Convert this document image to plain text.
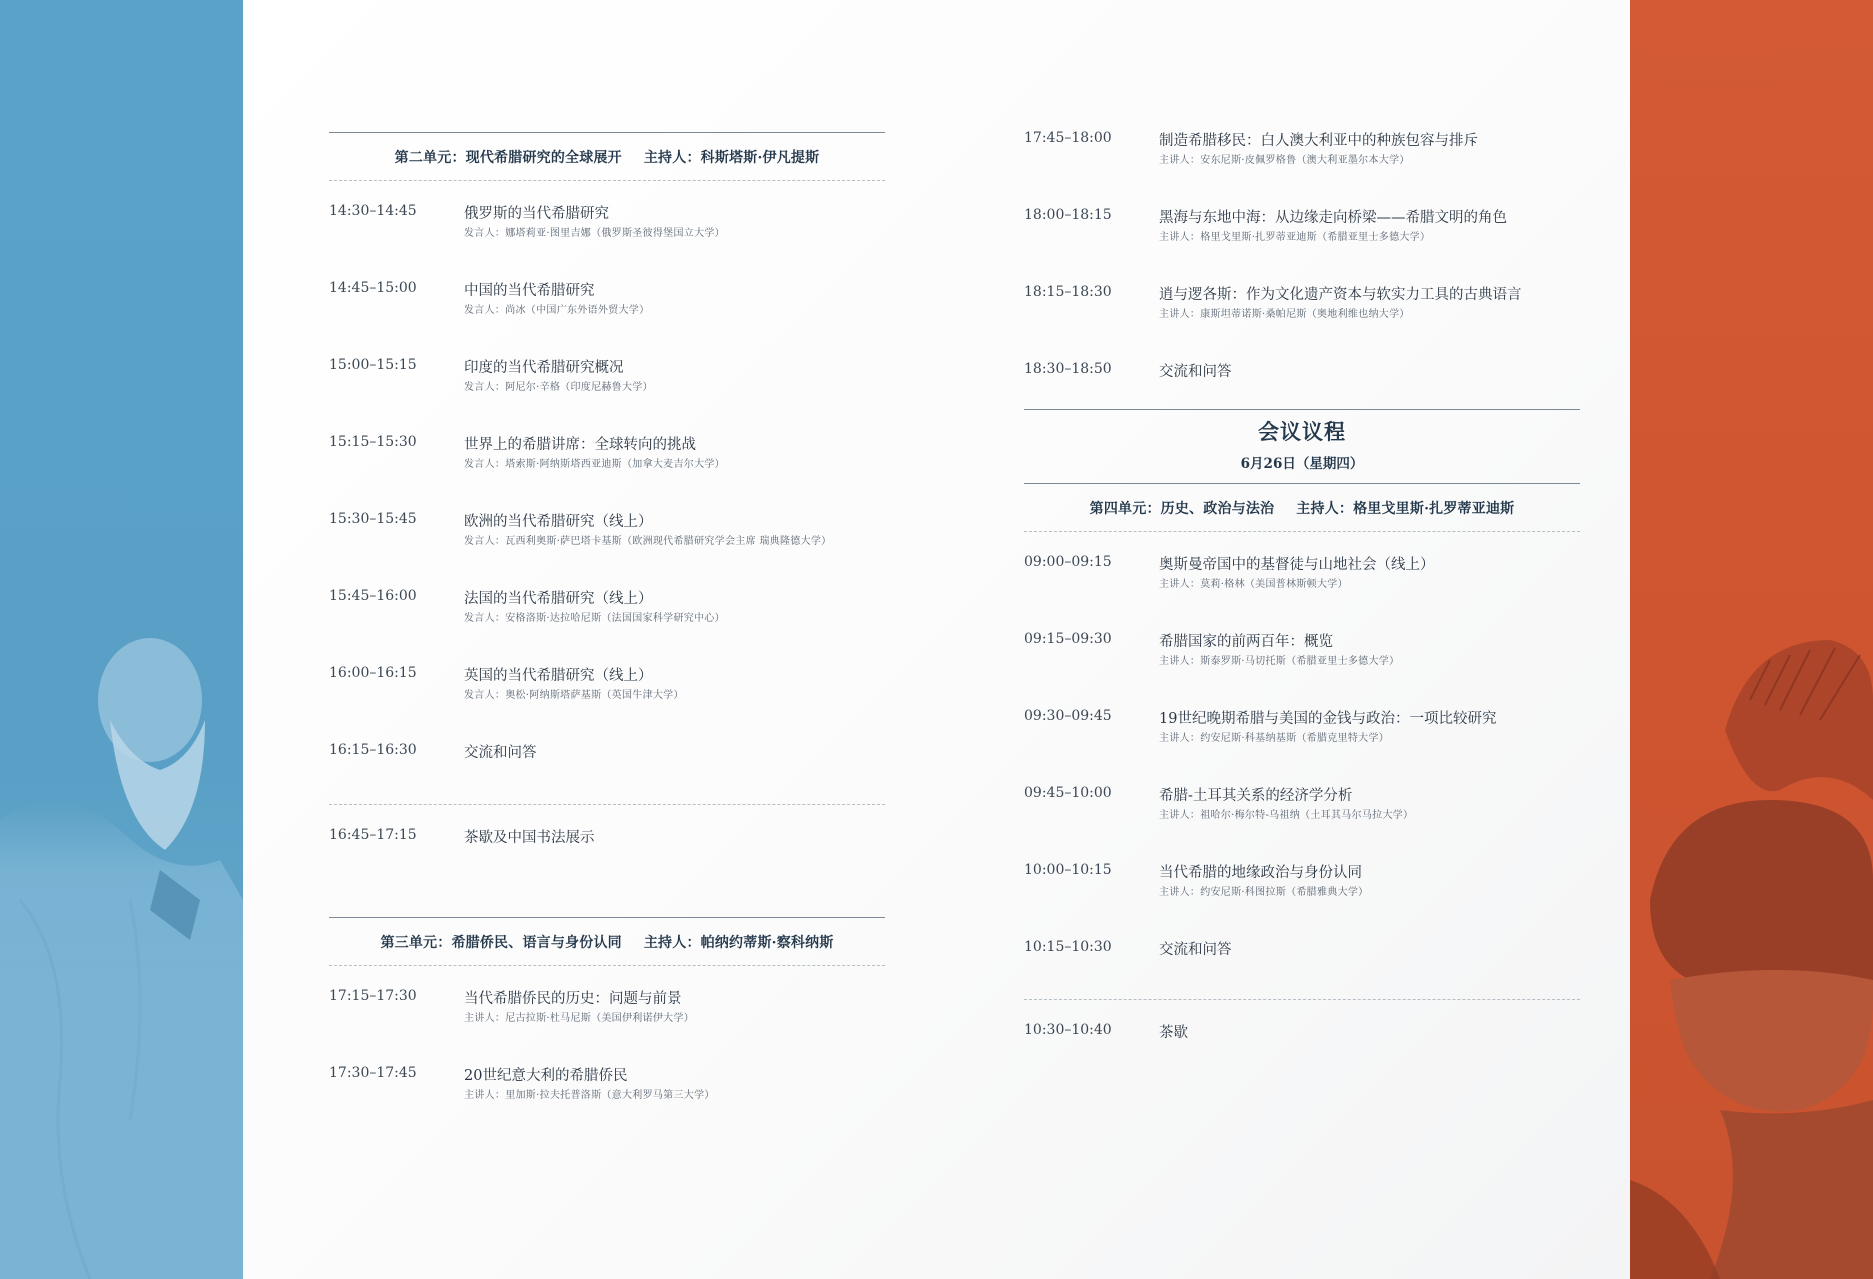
第二单元：现代希腊研究的全球展开 主持人：科斯塔斯·伊凡提斯
14:30–14:45	俄罗斯的当代希腊研究
发言人：娜塔莉亚·图里吉娜（俄罗斯圣彼得堡国立大学）
14:45–15:00	中国的当代希腊研究
发言人：尚冰（中国广东外语外贸大学）
15:00–15:15	印度的当代希腊研究概况
发言人：阿尼尔·辛格（印度尼赫鲁大学）
15:15–15:30	世界上的希腊讲席：全球转向的挑战
发言人：塔索斯·阿纳斯塔西亚迪斯（加拿大麦吉尔大学）
15:30–15:45	欧洲的当代希腊研究（线上）
发言人：瓦西利奥斯·萨巴塔卡基斯（欧洲现代希腊研究学会主席 瑞典隆德大学）
15:45–16:00	法国的当代希腊研究（线上）
发言人：安格洛斯·达拉哈尼斯（法国国家科学研究中心）
16:00–16:15	英国的当代希腊研究（线上）
发言人：奥松·阿纳斯塔萨基斯（英国牛津大学）
16:15–16:30	交流和问答
16:45–17:15	茶歇及中国书法展示
第三单元：希腊侨民、语言与身份认同 主持人：帕纳约蒂斯·察科纳斯
17:15–17:30	当代希腊侨民的历史：问题与前景
主讲人：尼古拉斯·杜马尼斯（美国伊利诺伊大学）
17:30–17:45	20世纪意大利的希腊侨民
主讲人：里加斯·拉夫托普洛斯（意大利罗马第三大学）
17:45–18:00	制造希腊移民：白人澳大利亚中的种族包容与排斥
主讲人：安东尼斯·皮佩罗格鲁（澳大利亚墨尔本大学）
18:00–18:15	黑海与东地中海：从边缘走向桥梁——希腊文明的角色
主讲人：格里戈里斯·扎罗蒂亚迪斯（希腊亚里士多德大学）
18:15–18:30	逍与逻各斯：作为文化遗产资本与软实力工具的古典语言
主讲人：康斯坦蒂诺斯·桑帕尼斯（奥地利维也纳大学）
18:30–18:50	交流和问答
会议议程
6月26日（星期四）
第四单元：历史、政治与法治 主持人：格里戈里斯·扎罗蒂亚迪斯
09:00–09:15	奥斯曼帝国中的基督徒与山地社会（线上）
主讲人：莫莉·格林（美国普林斯顿大学）
09:15–09:30	希腊国家的前两百年：概览
主讲人：斯泰罗斯·马切托斯（希腊亚里士多德大学）
09:30–09:45	19世纪晚期希腊与美国的金钱与政治：一项比较研究
主讲人：约安尼斯·科基纳基斯（希腊克里特大学）
09:45–10:00	希腊-土耳其关系的经济学分析
主讲人：祖哈尔·梅尔特-乌祖纳（土耳其马尔马拉大学）
10:00–10:15	当代希腊的地缘政治与身份认同
主讲人：约安尼斯·科图拉斯（希腊雅典大学）
10:15–10:30	交流和问答
10:30–10:40	茶歇
